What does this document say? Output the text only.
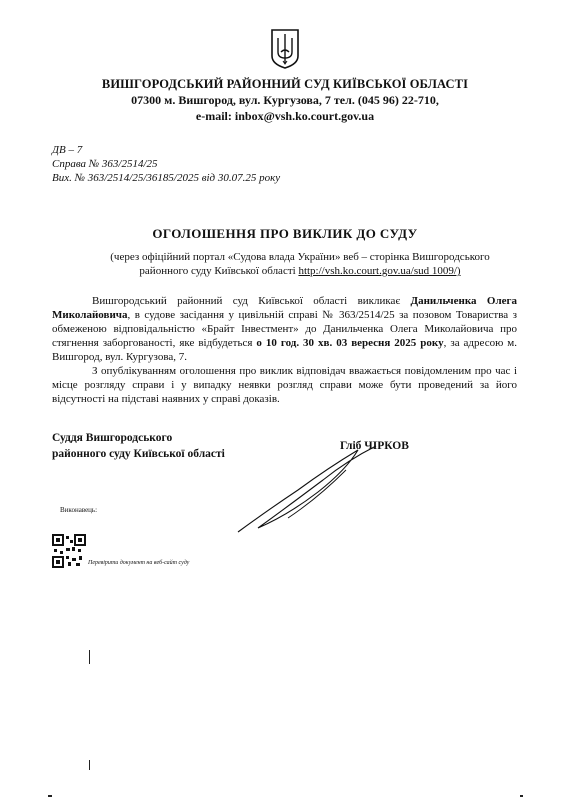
ВИШГОРОДСЬКИЙ РАЙОННИЙ СУД КИЇВСЬКОЇ ОБЛАСТІ
07300 м. Вишгород, вул. Кургузова, 7 тел. (045 96) 22-710,
e-mail: inbox@vsh.ko.court.gov.ua
ДВ – 7
Справа № 363/2514/25
Вих. № 363/2514/25/36185/2025 від 30.07.25 року
ОГОЛОШЕННЯ ПРО ВИКЛИК ДО СУДУ
(через офіційний портал «Судова влада України» веб – сторінка Вишгородського районного суду Київської області http://vsh.ko.court.gov.ua/sud 1009/)
Вишгородський районний суд Київської області викликає Данильченка Олега Миколайовича, в судове засідання у цивільній справі № 363/2514/25 за позовом Товариства з обмеженою відповідальністю «Брайт Інвестмент» до Данильченка Олега Миколайовича про стягнення заборгованості, яке відбудеться о 10 год. 30 хв. 03 вересня 2025 року, за адресою м. Вишгород, вул. Кургузова, 7.
З опублікуванням оголошення про виклик відповідач вважається повідомленим про час і місце розгляду справи і у випадку неявки розгляд справи може бути проведений за його відсутності на підставі наявних у справі доказів.
Суддя Вишгородського
районного суду Київської області
Гліб ЧІРКОВ
Виконавець:
Перевірити документ на веб-сайт суду
